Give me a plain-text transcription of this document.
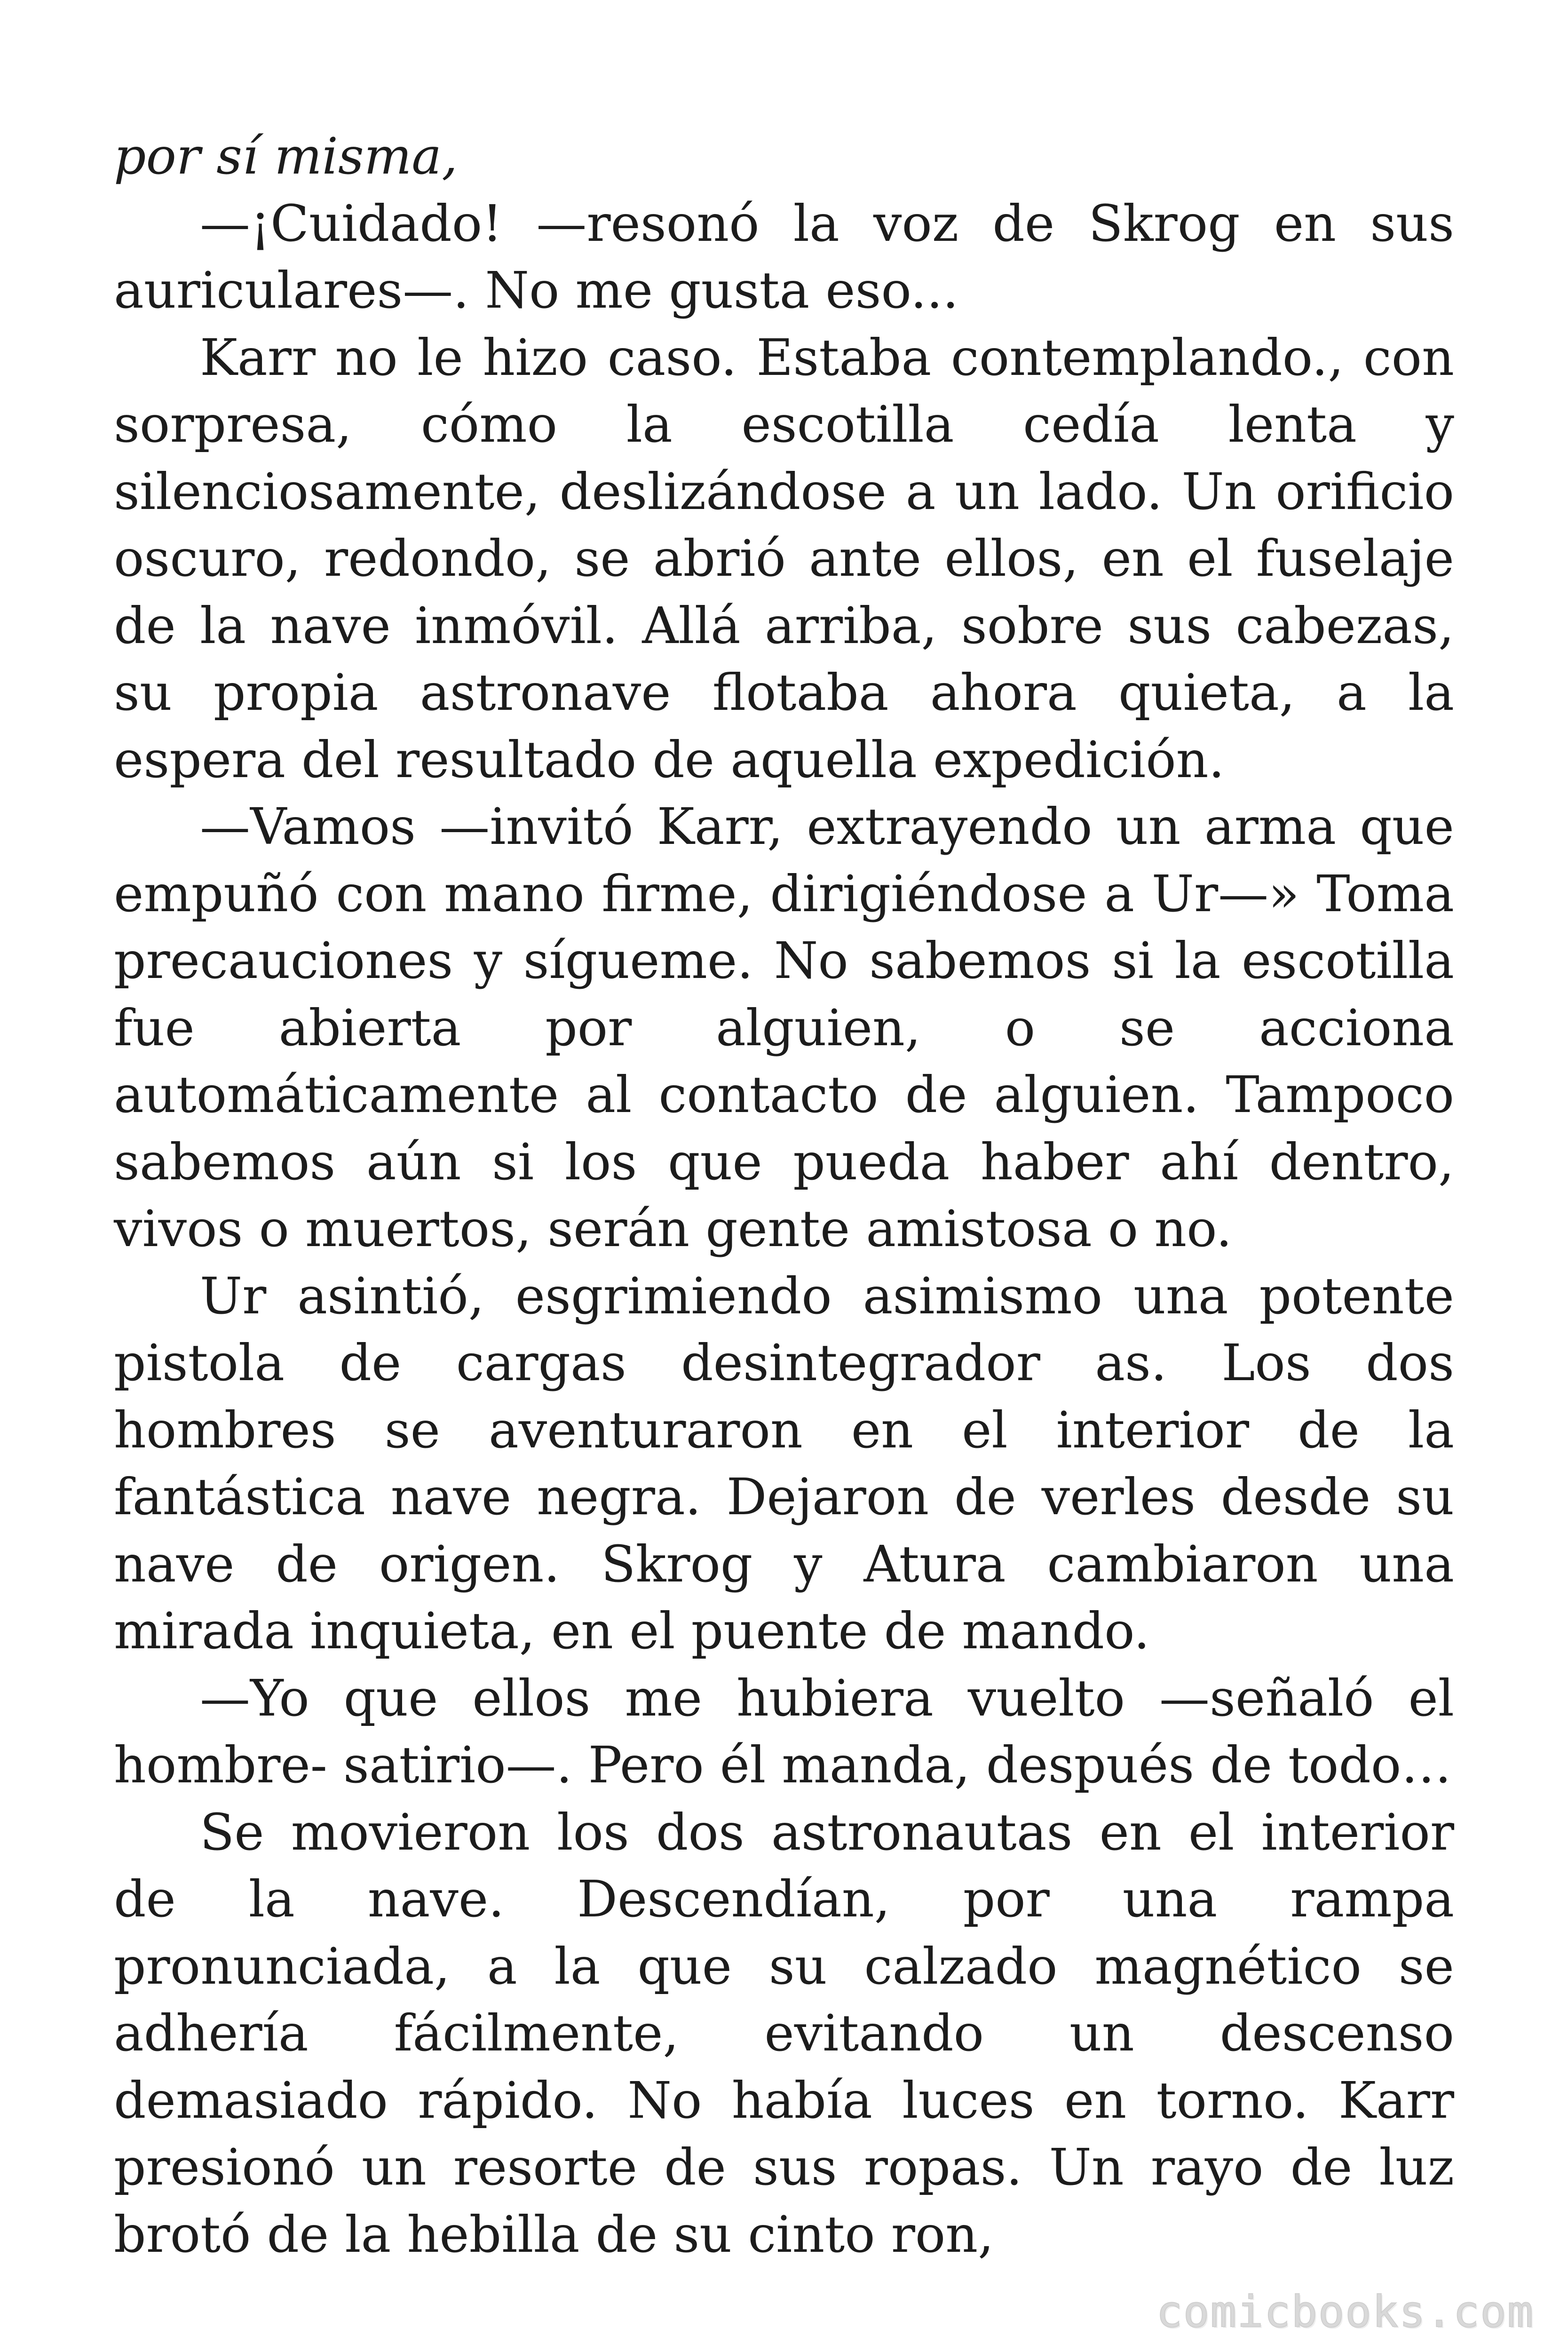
por sí misma,

—¡Cuidado! —resonó la voz de Skrog en sus auriculares—. No me gusta eso...

Karr no le hizo caso. Estaba contemplando., con sorpresa, cómo la escotilla cedía lenta y silenciosamente, deslizándose a un lado. Un orificio oscuro, redondo, se abrió ante ellos, en el fuselaje de la nave inmóvil. Allá arriba, sobre sus cabezas, su propia astronave flotaba ahora quieta, a la espera del resultado de aquella expedición.

—Vamos —invitó Karr, extrayendo un arma que empuñó con mano firme, dirigiéndose a Ur—» Toma precauciones y sígueme. No sabemos si la escotilla fue abierta por alguien, o se acciona automáticamente al contacto de alguien. Tampoco sabemos aún si los que pueda haber ahí dentro, vivos o muertos, serán gente amistosa o no.

Ur asintió, esgrimiendo asimismo una potente pistola de cargas desintegrador as. Los dos hombres se aventuraron en el interior de la fantástica nave negra. Dejaron de verles desde su nave de origen. Skrog y Atura cambiaron una mirada inquieta, en el puente de mando.

—Yo que ellos me hubiera vuelto —señaló el hombre- satirio—. Pero él manda, después de todo…

Se movieron los dos astronautas en el interior de la nave. Descendían, por una rampa pronunciada, a la que su calzado magnético se adhería fácilmente, evitando un descenso demasiado rápido. No había luces en torno. Karr presionó un resorte de sus ropas. Un rayo de luz brotó de la hebilla de su cinto ron,

comicbooks.com
